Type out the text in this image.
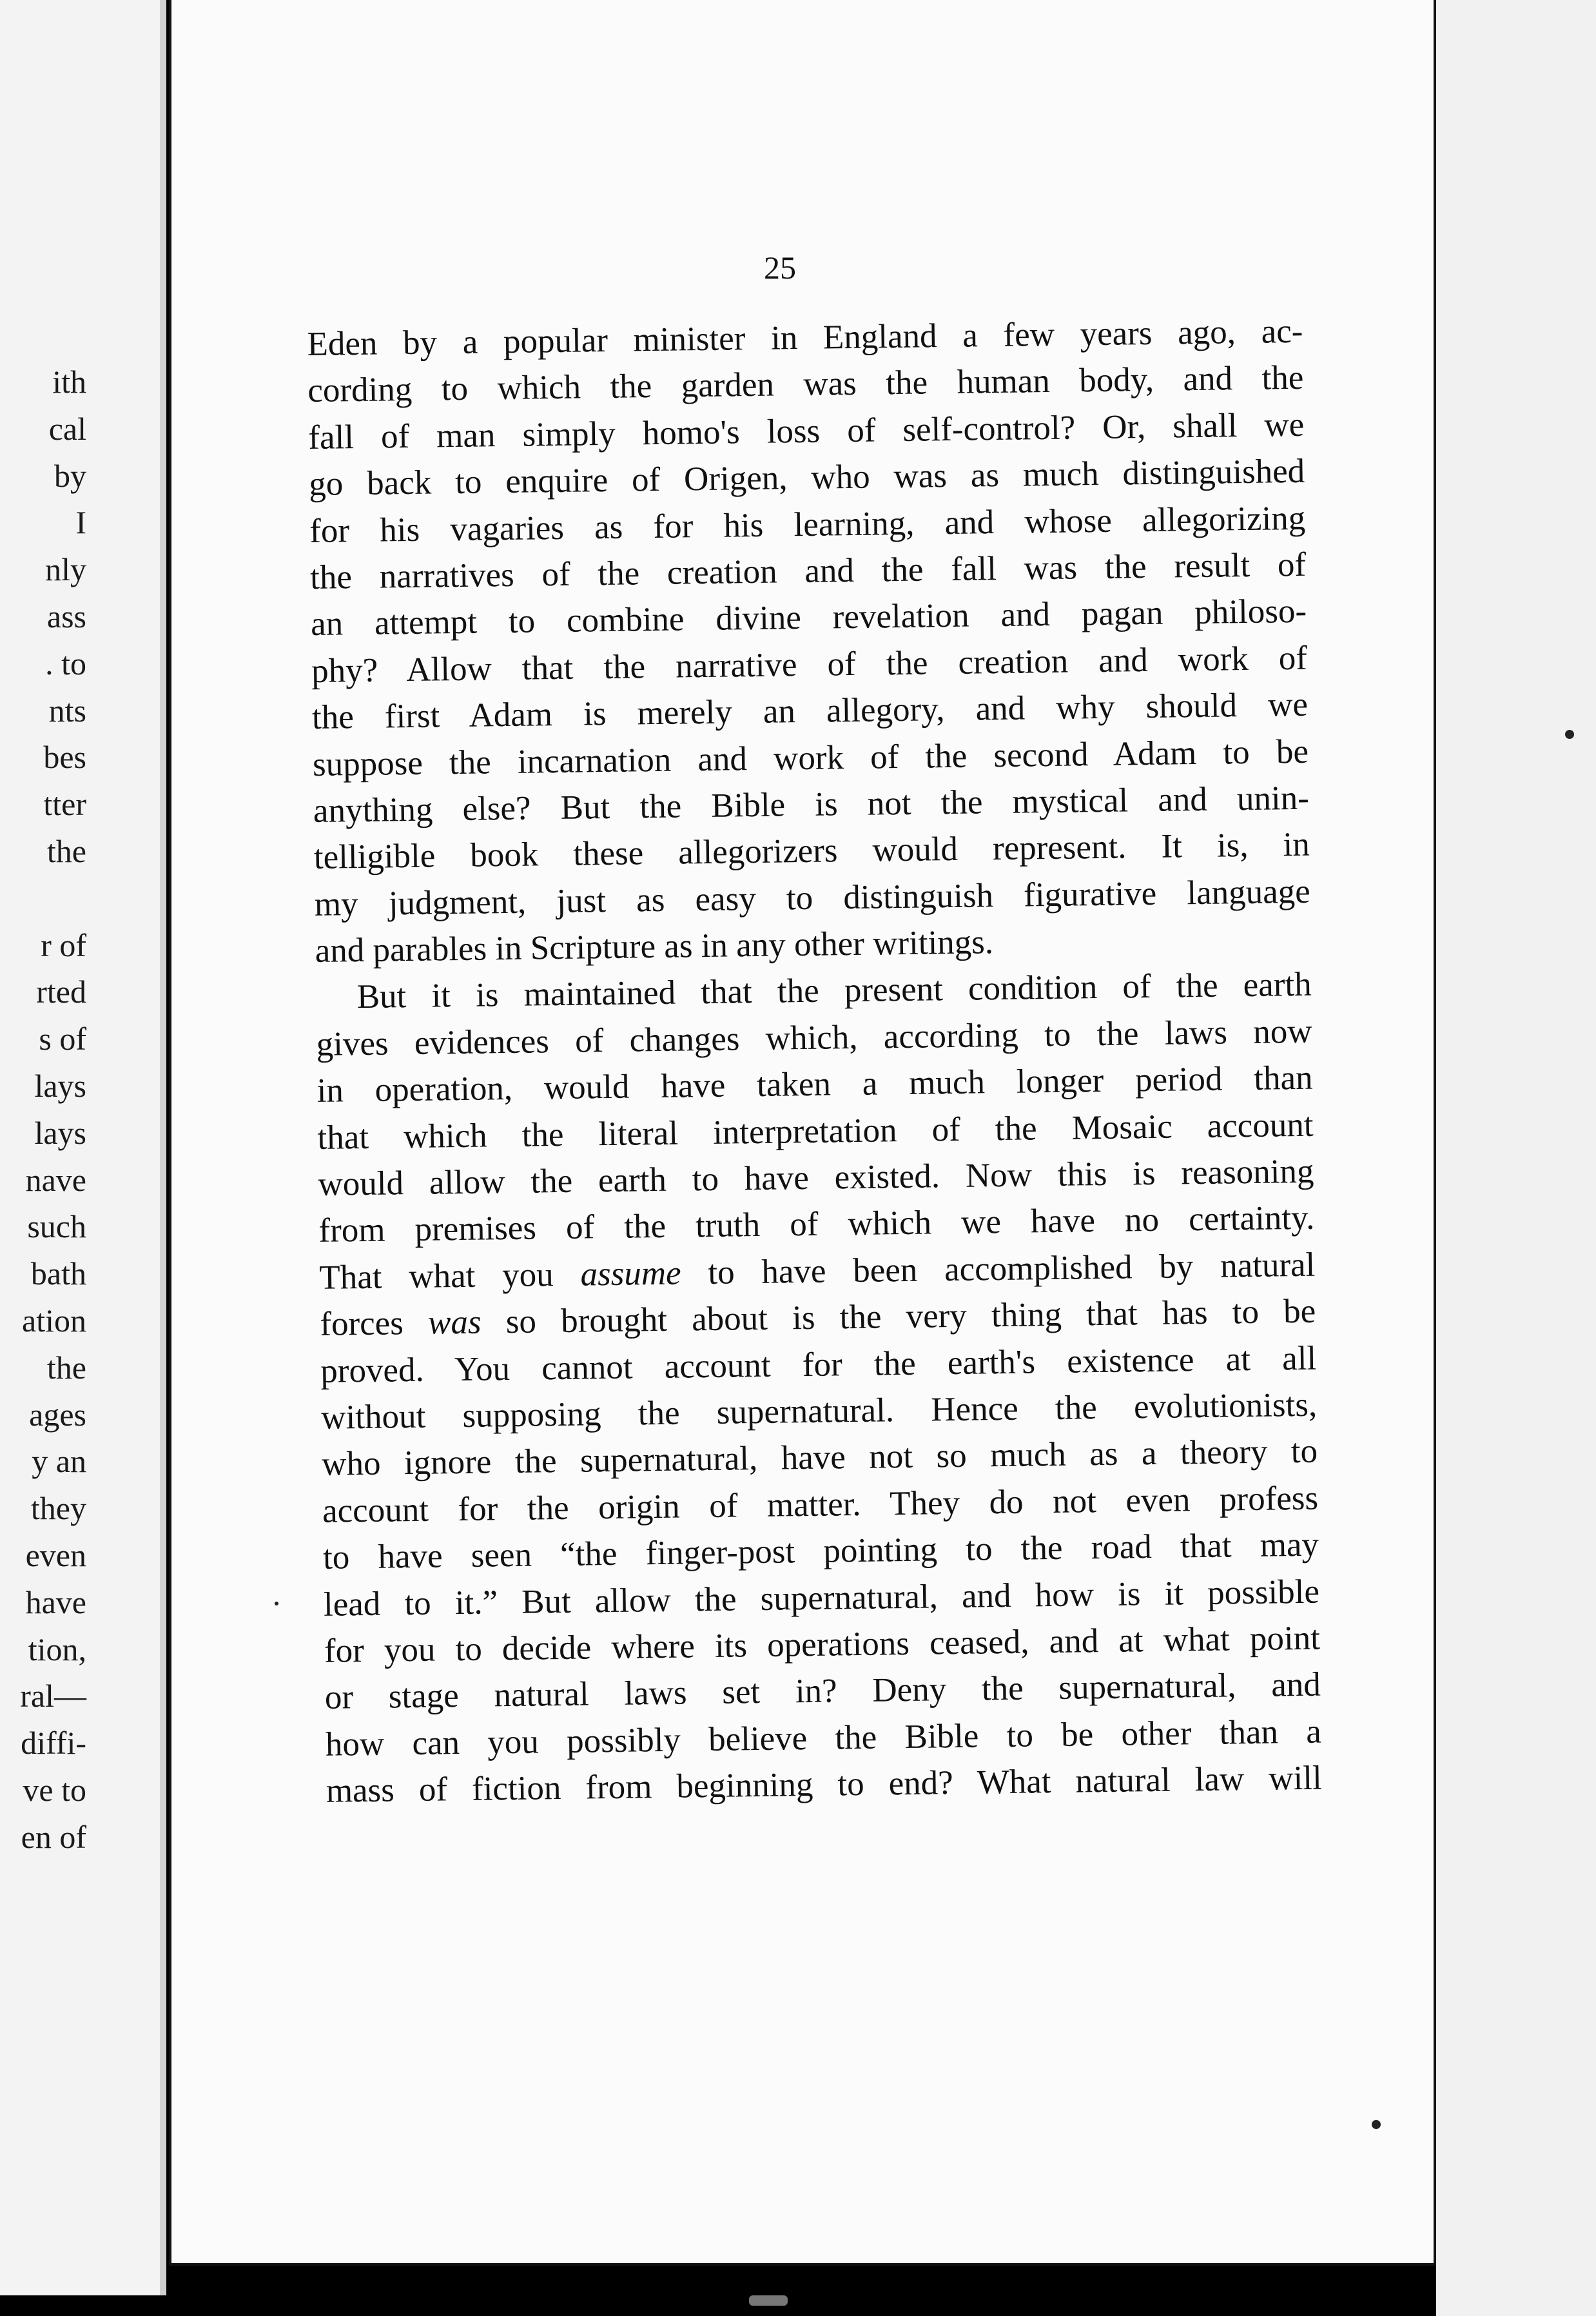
ith
cal
by
I
nly
ass
. to
nts
bes
tter
the
r of
rted
s of
lays
lays
nave
such
bath
ation
the
ages
y an
they
even
have
tion,
ral—
diffi-
ve to
en of
25
Eden by a popular minister in England a few years ago, ac-
cording to which the garden was the human body, and the
fall of man simply homo's loss of self-control? Or, shall we
go back to enquire of Origen, who was as much distinguished
for his vagaries as for his learning, and whose allegorizing
the narratives of the creation and the fall was the result of
an attempt to combine divine revelation and pagan philoso-
phy? Allow that the narrative of the creation and work of
the first Adam is merely an allegory, and why should we
suppose the incarnation and work of the second Adam to be
anything else? But the Bible is not the mystical and unin-
telligible book these allegorizers would represent. It is, in
my judgment, just as easy to distinguish figurative language
and parables in Scripture as in any other writings.
But it is maintained that the present condition of the earth
gives evidences of changes which, according to the laws now
in operation, would have taken a much longer period than
that which the literal interpretation of the Mosaic account
would allow the earth to have existed. Now this is reasoning
from premises of the truth of which we have no certainty.
That what you assume to have been accomplished by natural
forces was so brought about is the very thing that has to be
proved. You cannot account for the earth's existence at all
without supposing the supernatural. Hence the evolutionists,
who ignore the supernatural, have not so much as a theory to
account for the origin of matter. They do not even profess
to have seen “the finger-post pointing to the road that may
lead to it.” But allow the supernatural, and how is it possible
for you to decide where its operations ceased, and at what point
or stage natural laws set in? Deny the supernatural, and
how can you possibly believe the Bible to be other than a
mass of fiction from beginning to end? What natural law will
